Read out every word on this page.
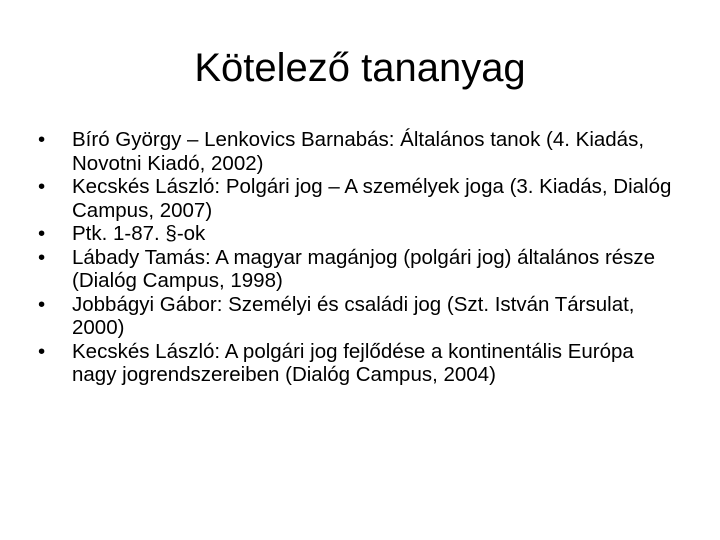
Kötelező tananyag
•	Bíró György – Lenkovics Barnabás: Általános tanok (4. Kiadás, Novotni Kiadó, 2002)
•	Kecskés László: Polgári jog – A személyek joga (3. Kiadás, Dialóg Campus, 2007)
•	Ptk. 1-87. §-ok
•	Lábady Tamás: A magyar magánjog (polgári jog) általános része (Dialóg Campus, 1998)
•	Jobbágyi Gábor: Személyi és családi jog (Szt. István Társulat, 2000)
•	Kecskés László: A polgári jog fejlődése a kontinentális Európa nagy jogrendszereiben (Dialóg Campus, 2004)
